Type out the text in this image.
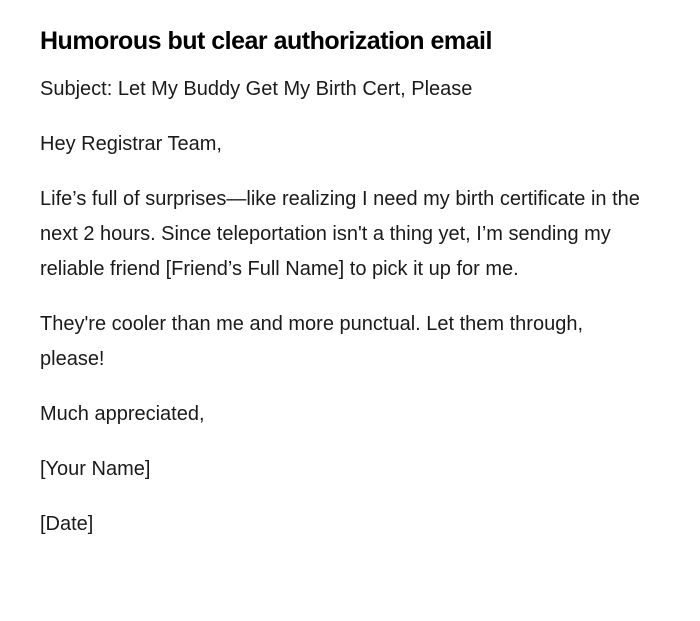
Humorous but clear authorization email

Subject: Let My Buddy Get My Birth Cert, Please

Hey Registrar Team,

Life’s full of surprises—like realizing I need my birth certificate in the next 2 hours. Since teleportation isn't a thing yet, I’m sending my reliable friend [Friend’s Full Name] to pick it up for me.

They're cooler than me and more punctual. Let them through, please!

Much appreciated,

[Your Name]

[Date]
